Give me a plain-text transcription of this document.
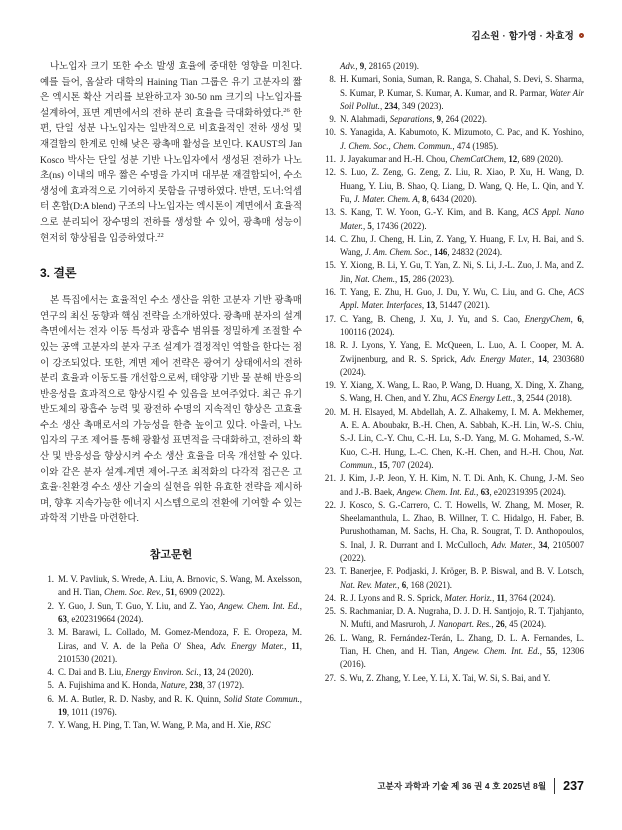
김소원 · 함가영 · 차효정

나노입자 크기 또한 수소 발생 효율에 중대한 영향을 미친다. 예를 들어, 웁살라 대학의 Haining Tian 그룹은 유기 고분자의 짧은 엑시톤 확산 거리를 보완하고자 30-50 nm 크기의 나노입자를 설계하여, 표면 계면에서의 전하 분리 효율을 극대화하였다.$^{26}$ 한편, 단일 성분 나노입자는 일반적으로 비효율적인 전하 생성 및 재결합의 한계로 인해 낮은 광촉매 활성을 보인다. KAUST의 Jan Kosco 박사는 단일 성분 기반 나노입자에서 생성된 전하가 나노초(ns) 이내의 매우 짧은 수명을 가지며 대부분 재결합되어, 수소 생성에 효과적으로 기여하지 못함을 규명하였다. 반면, 도너:억셉터 혼합(D:A blend) 구조의 나노입자는 엑시톤이 계면에서 효율적으로 분리되어 장수명의 전하를 생성할 수 있어, 광촉매 성능이 현저히 향상됨을 입증하였다.$^{22}$

3. 결론

본 특집에서는 효율적인 수소 생산을 위한 고분자 기반 광촉매 연구의 최신 동향과 핵심 전략을 소개하였다. 광촉매 분자의 설계 측면에서는 전자 이동 특성과 광흡수 범위를 정밀하게 조절할 수 있는 공액 고분자의 분자 구조 설계가 결정적인 역할을 한다는 점이 강조되었다. 또한, 계면 제어 전략은 광여기 상태에서의 전하 분리 효율과 이동도를 개선함으로써, 태양광 기반 물 분해 반응의 반응성을 효과적으로 향상시킬 수 있음을 보여주었다. 최근 유기 반도체의 광흡수 능력 및 광전하 수명의 지속적인 향상은 고효율 수소 생산 촉매로서의 가능성을 한층 높이고 있다. 아울러, 나노입자의 구조 제어를 통해 광활성 표면적을 극대화하고, 전하의 확산 및 반응성을 향상시켜 수소 생산 효율을 더욱 개선할 수 있다. 이와 같은 분자 설계-계면 제어-구조 최적화의 다각적 접근은 고효율·친환경 수소 생산 기술의 실현을 위한 유효한 전략을 제시하며, 향후 지속가능한 에너지 시스템으로의 전환에 기여할 수 있는 과학적 기반을 마련한다.

참고문헌
1. M. V. Pavliuk, S. Wrede, A. Liu, A. Brnovic, S. Wang, M. Axelsson, and H. Tian, Chem. Soc. Rev., 51, 6909 (2022).
2. Y. Guo, J. Sun, T. Guo, Y. Liu, and Z. Yao, Angew. Chem. Int. Ed., 63, e202319664 (2024).
3. M. Barawi, L. Collado, M. Gomez-Mendoza, F. E. Oropeza, M. Liras, and V. A. de la Peña O' Shea, Adv. Energy Mater., 11, 2101530 (2021).
4. C. Dai and B. Liu, Energy Environ. Sci., 13, 24 (2020).
5. A. Fujishima and K. Honda, Nature, 238, 37 (1972).
6. M. A. Butler, R. D. Nasby, and R. K. Quinn, Solid State Commun., 19, 1011 (1976).
7. Y. Wang, H. Ping, T. Tan, W. Wang, P. Ma, and H. Xie, RSC
Adv., 9, 28165 (2019).
8. H. Kumari, Sonia, Suman, R. Ranga, S. Chahal, S. Devi, S. Sharma, S. Kumar, P. Kumar, S. Kumar, A. Kumar, and R. Parmar, Water Air Soil Pollut., 234, 349 (2023).
9. N. Alahmadi, Separations, 9, 264 (2022).
10. S. Yanagida, A. Kabumoto, K. Mizumoto, C. Pac, and K. Yoshino, J. Chem. Soc., Chem. Commun., 474 (1985).
11. J. Jayakumar and H.-H. Chou, ChemCatChem, 12, 689 (2020).
12. S. Luo, Z. Zeng, G. Zeng, Z. Liu, R. Xiao, P. Xu, H. Wang, D. Huang, Y. Liu, B. Shao, Q. Liang, D. Wang, Q. He, L. Qin, and Y. Fu, J. Mater. Chem. A, 8, 6434 (2020).
13. S. Kang, T. W. Yoon, G.-Y. Kim, and B. Kang, ACS Appl. Nano Mater., 5, 17436 (2022).
14. C. Zhu, J. Cheng, H. Lin, Z. Yang, Y. Huang, F. Lv, H. Bai, and S. Wang, J. Am. Chem. Soc., 146, 24832 (2024).
15. Y. Xiong, B. Li, Y. Gu, T. Yan, Z. Ni, S. Li, J.-L. Zuo, J. Ma, and Z. Jin, Nat. Chem., 15, 286 (2023).
16. T. Yang, E. Zhu, H. Guo, J. Du, Y. Wu, C. Liu, and G. Che, ACS Appl. Mater. Interfaces, 13, 51447 (2021).
17. C. Yang, B. Cheng, J. Xu, J. Yu, and S. Cao, EnergyChem, 6, 100116 (2024).
18. R. J. Lyons, Y. Yang, E. McQueen, L. Luo, A. I. Cooper, M. A. Zwijnenburg, and R. S. Sprick, Adv. Energy Mater., 14, 2303680 (2024).
19. Y. Xiang, X. Wang, L. Rao, P. Wang, D. Huang, X. Ding, X. Zhang, S. Wang, H. Chen, and Y. Zhu, ACS Energy Lett., 3, 2544 (2018).
20. M. H. Elsayed, M. Abdellah, A. Z. Alhakemy, I. M. A. Mekhemer, A. E. A. Aboubakr, B.-H. Chen, A. Sabbah, K.-H. Lin, W.-S. Chiu, S.-J. Lin, C.-Y. Chu, C.-H. Lu, S.-D. Yang, M. G. Mohamed, S.-W. Kuo, C.-H. Hung, L.-C. Chen, K.-H. Chen, and H.-H. Chou, Nat. Commun., 15, 707 (2024).
21. J. Kim, J.-P. Jeon, Y. H. Kim, N. T. Di. Anh, K. Chung, J.-M. Seo and J.-B. Baek, Angew. Chem. Int. Ed., 63, e202319395 (2024).
22. J. Kosco, S. G.-Carrero, C. T. Howells, W. Zhang, M. Moser, R. Sheelamanthula, L. Zhao, B. Willner, T. C. Hidalgo, H. Faber, B. Purushothaman, M. Sachs, H. Cha, R. Sougrat, T. D. Anthopoulos, S. Inal, J. R. Durrant and I. McCulloch, Adv. Mater., 34, 2105007 (2022).
23. T. Banerjee, F. Podjaski, J. Kröger, B. P. Biswal, and B. V. Lotsch, Nat. Rev. Mater., 6, 168 (2021).
24. R. J. Lyons and R. S. Sprick, Mater. Horiz., 11, 3764 (2024).
25. S. Rachmaniar, D. A. Nugraha, D. J. D. H. Santjojo, R. T. Tjahjanto, N. Mufti, and Masruroh, J. Nanopart. Res., 26, 45 (2024).
26. L. Wang, R. Fernández-Terán, L. Zhang, D. L. A. Fernandes, L. Tian, H. Chen, and H. Tian, Angew. Chem. Int. Ed., 55, 12306 (2016).
27. S. Wu, Z. Zhang, Y. Lee, Y. Li, X. Tai, W. Si, S. Bai, and Y.
고분자 과학과 기술 제 36 권 4 호 2025년 8월 237
